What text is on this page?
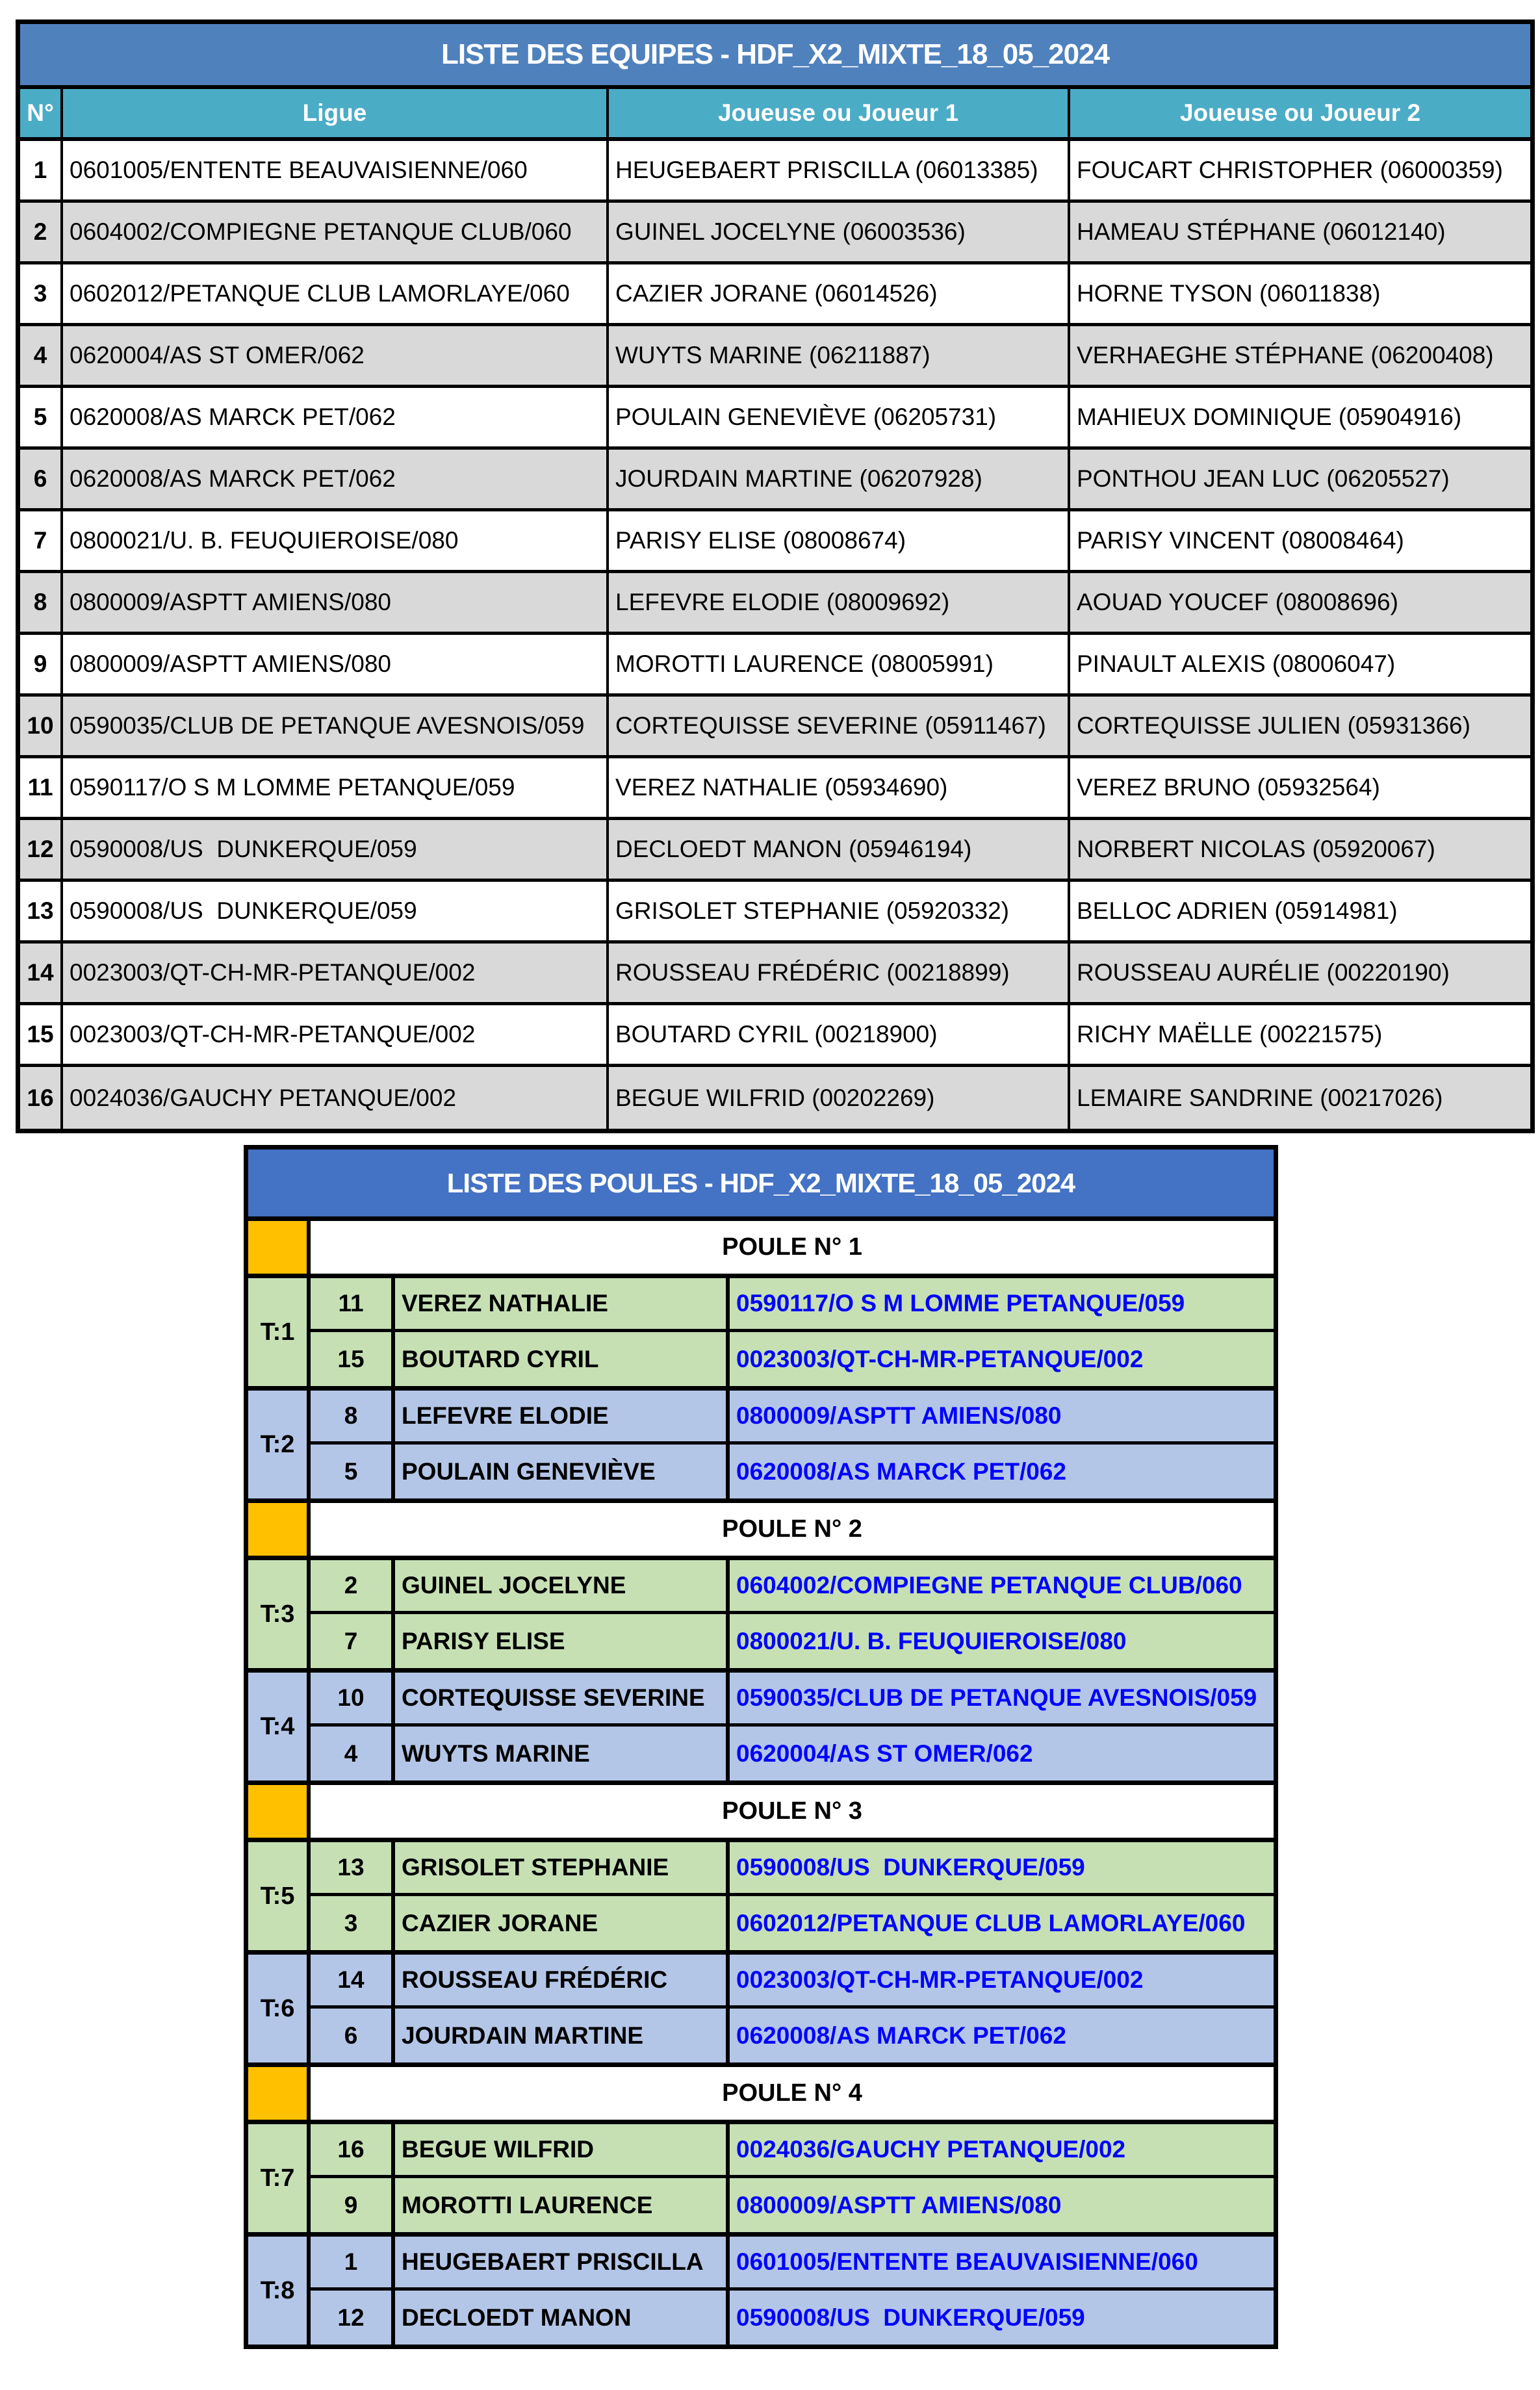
LISTE DES EQUIPES - HDF_X2_MIXTE_18_05_2024
N°	Ligue	Joueuse ou Joueur 1	Joueuse ou Joueur 2
1 0601005/ENTENTE BEAUVAISIENNE/060	HEUGEBAERT PRISCILLA (06013385)	FOUCART CHRISTOPHER (06000359)
2 0604002/COMPIEGNE PETANQUE CLUB/060	GUINEL JOCELYNE (06003536)	HAMEAU STÉPHANE (06012140)
3 0602012/PETANQUE CLUB LAMORLAYE/060	CAZIER JORANE (06014526)	HORNE TYSON (06011838)
4 0620004/AS ST OMER/062	WUYTS MARINE (06211887)	VERHAEGHE STÉPHANE (06200408)
5 0620008/AS MARCK PET/062	POULAIN GENEVIÈVE (06205731)	MAHIEUX DOMINIQUE (05904916)
6 0620008/AS MARCK PET/062	JOURDAIN MARTINE (06207928)	PONTHOU JEAN LUC (06205527)
7 0800021/U. B. FEUQUIEROISE/080	PARISY ELISE (08008674)	PARISY VINCENT (08008464)
8 0800009/ASPTT AMIENS/080	LEFEVRE ELODIE (08009692)	AOUAD YOUCEF (08008696)
9 0800009/ASPTT AMIENS/080	MOROTTI LAURENCE (08005991)	PINAULT ALEXIS (08006047)
10 0590035/CLUB DE PETANQUE AVESNOIS/059	CORTEQUISSE SEVERINE (05911467)	CORTEQUISSE JULIEN (05931366)
11 0590117/O S M LOMME PETANQUE/059	VEREZ NATHALIE (05934690)	VEREZ BRUNO (05932564)
12 0590008/US  DUNKERQUE/059	DECLOEDT MANON (05946194)	NORBERT NICOLAS (05920067)
13 0590008/US  DUNKERQUE/059	GRISOLET STEPHANIE (05920332)	BELLOC ADRIEN (05914981)
14 0023003/QT-CH-MR-PETANQUE/002	ROUSSEAU FRÉDÉRIC (00218899)	ROUSSEAU AURÉLIE (00220190)
15 0023003/QT-CH-MR-PETANQUE/002	BOUTARD CYRIL (00218900)	RICHY MAËLLE (00221575)
16 0024036/GAUCHY PETANQUE/002	BEGUE WILFRID (00202269)	LEMAIRE SANDRINE (00217026)
LISTE DES POULES - HDF_X2_MIXTE_18_05_2024
POULE N° 1
T:1
11	VEREZ NATHALIE	0590117/O S M LOMME PETANQUE/059
15	BOUTARD CYRIL	0023003/QT-CH-MR-PETANQUE/002
T:2
8	LEFEVRE ELODIE	0800009/ASPTT AMIENS/080
5	POULAIN GENEVIÈVE	0620008/AS MARCK PET/062
POULE N° 2
T:3
2	GUINEL JOCELYNE	0604002/COMPIEGNE PETANQUE CLUB/060
7	PARISY ELISE	0800021/U. B. FEUQUIEROISE/080
T:4
10	CORTEQUISSE SEVERINE	0590035/CLUB DE PETANQUE AVESNOIS/059
4	WUYTS MARINE	0620004/AS ST OMER/062
POULE N° 3
T:5
13	GRISOLET STEPHANIE	0590008/US  DUNKERQUE/059
3	CAZIER JORANE	0602012/PETANQUE CLUB LAMORLAYE/060
T:6
14	ROUSSEAU FRÉDÉRIC	0023003/QT-CH-MR-PETANQUE/002
6	JOURDAIN MARTINE	0620008/AS MARCK PET/062
POULE N° 4
T:7
16	BEGUE WILFRID	0024036/GAUCHY PETANQUE/002
9	MOROTTI LAURENCE	0800009/ASPTT AMIENS/080
T:8
1	HEUGEBAERT PRISCILLA	0601005/ENTENTE BEAUVAISIENNE/060
12	DECLOEDT MANON	0590008/US  DUNKERQUE/059
